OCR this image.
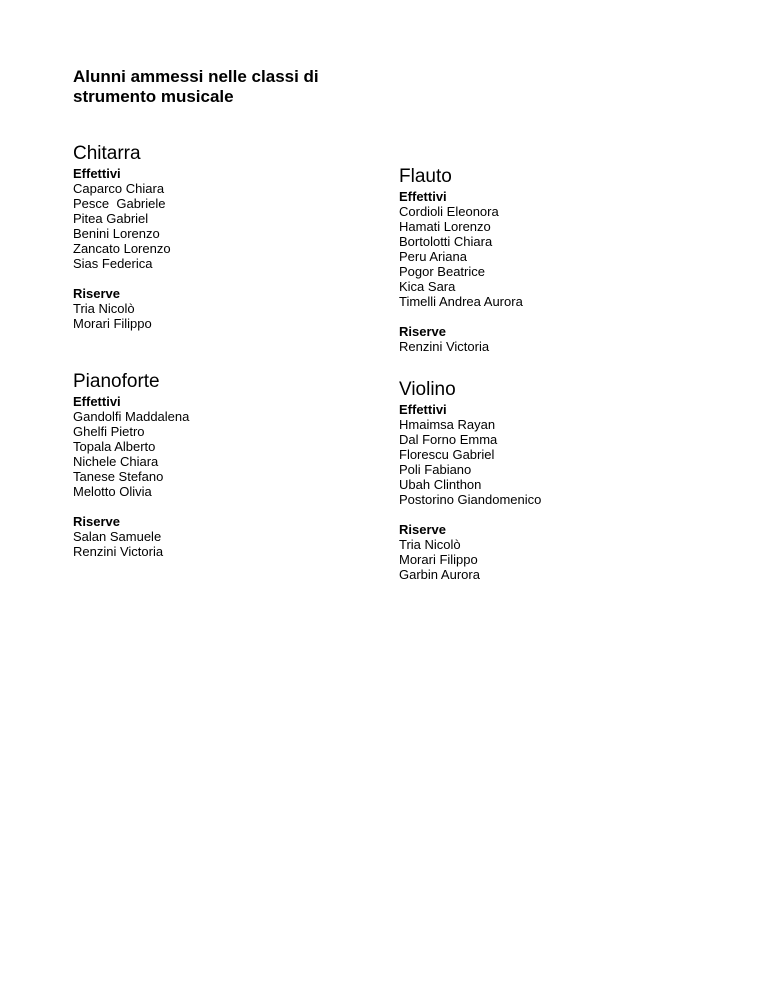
Alunni ammessi nelle classi di
strumento musicale
Chitarra
Effettivi
Caparco Chiara
Pesce  Gabriele
Pitea Gabriel
Benini Lorenzo
Zancato Lorenzo
Sias Federica
Riserve
Tria Nicolò
Morari Filippo
Flauto
Effettivi
Cordioli Eleonora
Hamati Lorenzo
Bortolotti Chiara
Peru Ariana
Pogor Beatrice
Kica Sara
Timelli Andrea Aurora
Riserve
Renzini Victoria
Pianoforte
Effettivi
Gandolfi Maddalena
Ghelfi Pietro
Topala Alberto
Nichele Chiara
Tanese Stefano
Melotto Olivia
Riserve
Salan Samuele
Renzini Victoria
Violino
Effettivi
Hmaimsa Rayan
Dal Forno Emma
Florescu Gabriel
Poli Fabiano
Ubah Clinthon
Postorino Giandomenico
Riserve
Tria Nicolò
Morari Filippo
Garbin Aurora
